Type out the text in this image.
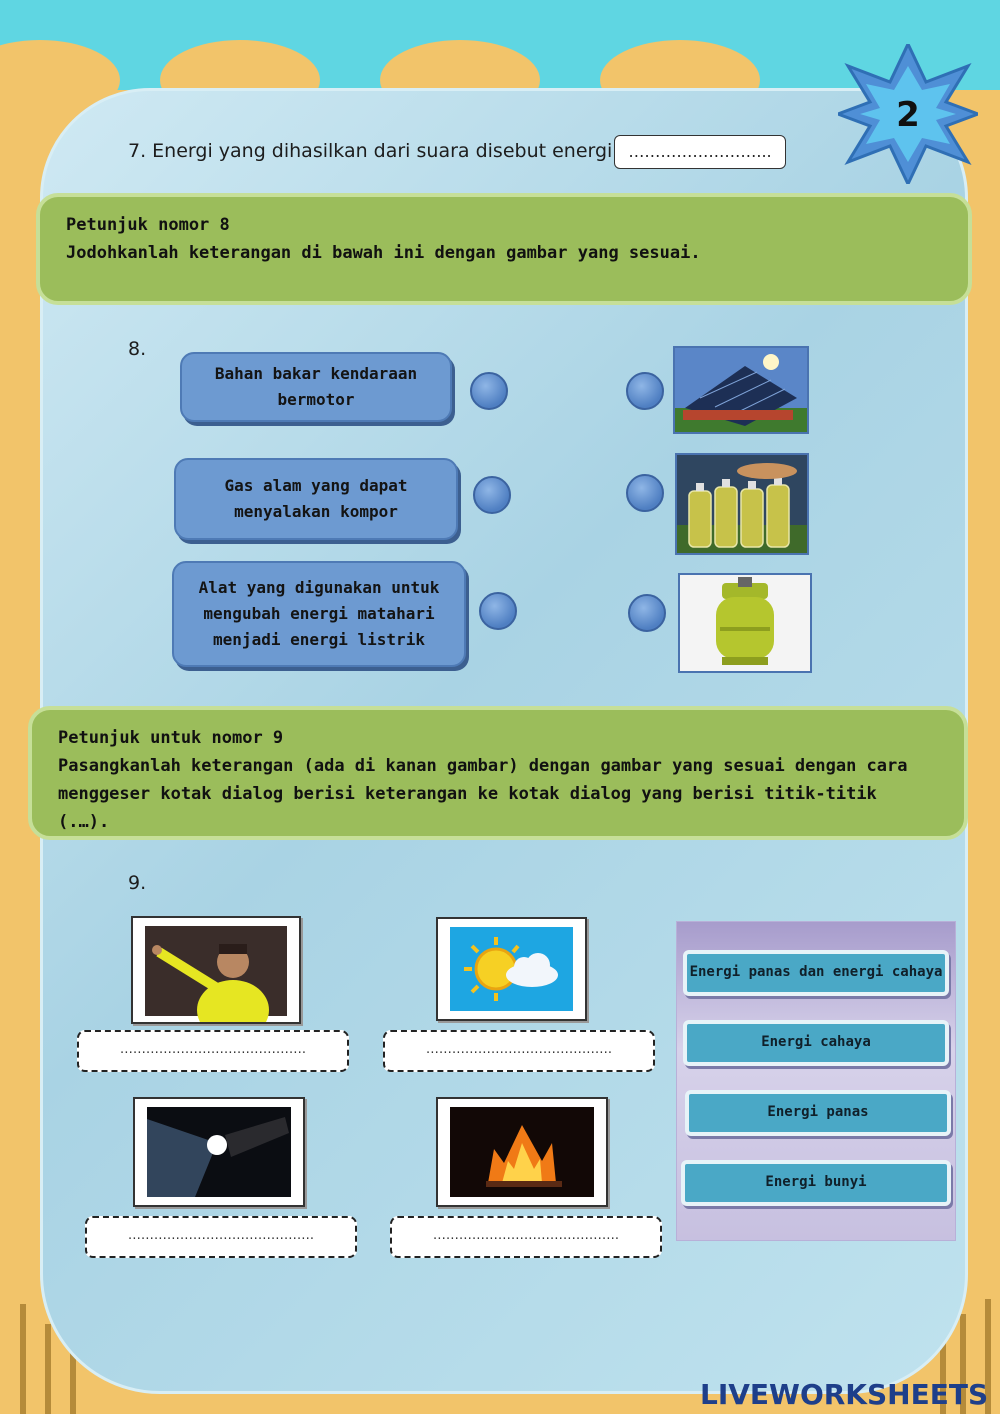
2
7. Energi yang dihasilkan dari suara disebut energi	……………………...
Petunjuk nomor 8
Jodohkanlah keterangan di bawah ini dengan gambar yang sesuai.
8.
Bahan bakar kendaraan bermotor
Gas alam yang dapat menyalakan kompor
Alat yang digunakan untuk mengubah energi matahari menjadi energi listrik
Petunjuk untuk nomor 9
Pasangkanlah keterangan (ada di kanan gambar) dengan gambar yang sesuai dengan cara menggeser kotak dialog berisi keterangan ke kotak dialog yang berisi titik-titik (.…).
9.
…………………………………….	…………………………………….
…………………………………….	…………………………………….
Energi panas dan energi cahaya
Energi cahaya
Energi panas
Energi bunyi
LIVEWORKSHEETS
